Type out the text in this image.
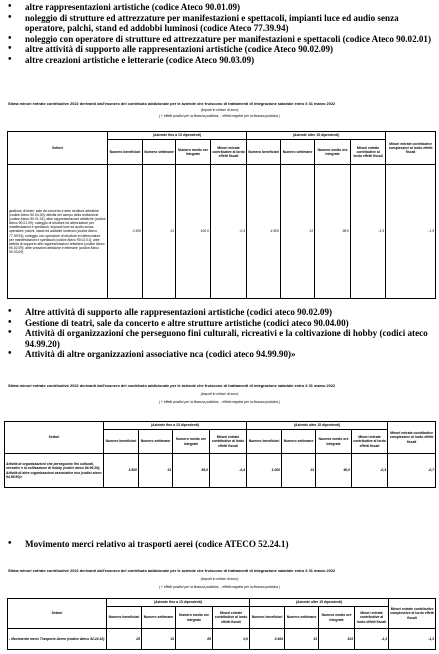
• altre rappresentazioni artistiche (codice Ateco 90.01.09)
• noleggio di strutture ed attrezzature per manifestazioni e spettacoli, impianti luce ed audio senza operatore, palchi, stand ed addobbi luminosi (codice Ateco 77.39.94)
• noleggio con operatore di strutture ed attrezzature per manifestazioni e spettacoli (codice Ateco 90.02.01)
• altre attività di supporto alle rappresentazioni artistiche (codice Ateco 90.02.09)
• altre creazioni artistiche e letterarie (codice Ateco 90.03.09)
Stima minori entrate contributive 2022 derivanti dall'esonero del contributo addizionale per le aziende che fruiscono di trattamenti di integrazione salariale entro il 31 marzo 2022
(importi in milioni di euro)
( + effetti positivi per la finanza pubblica; - effetti negativi per la finanza pubblica )
Settori	(Aziende fino a 15 dipendenti)				(Aziende oltre 15 dipendenti)				Minori entrate contributive complessive al lordo effetti fiscali
	Numero beneficiari	Numero settimane	Numero medio ore integrate	Minori entrate contributive al lordo effetti fiscali	Numero beneficiari	Numero settimane	Numero medio ore integrate	Minori entrate contributive al lordo effetti fiscali	
gestione di teatri, sale da concerto e altre strutture artistiche (codice Ateco 90.04.00); attività nel campo della recitazione (codice Ateco 90.01.01); altre rappresentazioni artistiche (codice Ateco 90.01.09); noleggio di strutture ed attrezzature per manifestazioni e spettacoli, impianti luce ed audio senza operatore, palchi, stand ed addobbi luminosi (codice Ateco 77.39.94); noleggio con operatore di strutture ed attrezzature per manifestazioni e spettacoli (codice Ateco 90.02.01); altre attività di supporto alle rappresentazioni artistiche (codice Ateco 90.02.09); altre creazioni artistiche e letterarie (codice Ateco 90.03.09)	2.500	13	100,0	-0,4	4.500	13	98,0	-1,5	-1,9
• Altre attività di supporto alle rappresentazioni artistiche (codici ateco 90.02.09)
• Gestione di teatri, sale da concerto e altre strutture artistiche (codici ateco 90.04.00)
• Attività di organizzazioni che perseguono fini culturali, ricreativi e la coltivazione di hobby (codici ateco 94.99.20)
• Attività di altre organizzazioni associative nca (codici ateco 94.99.90)»
Stima minori entrate contributive 2022 derivanti dall'esonero del contributo addizionale per le aziende che fruiscono di trattamenti di integrazione salariale entro il 31 marzo 2022
(importi in milioni di euro)
( + effetti positivi per la finanza pubblica; - effetti negativi per la finanza pubblica )
Settori	(Aziende fino a 15 dipendenti)				(Aziende oltre 15 dipendenti)				Minori entrate contributive complessive al lordo effetti fiscali
	Numero beneficiari	Numero settimane	Numero medio ore integrate	Minori entrate contributive al lordo effetti fiscali	Numero beneficiari	Numero settimane	Numero medio ore integrate	Minori entrate contributive al lordo effetti fiscali	
Attività di organizzazioni che perseguono fini culturali, ricreativi e la coltivazione di hobby (codici ateco 94.99.20); Attività di altre organizzazioni associative nca (codici ateco 94.99.90)»	3.500	13	95,0	-0,4	1.000	13	90,0	-0,3	-0,7
• Movimento merci relativo ai trasporti aerei (codice ATECO 52.24.1)
Stima minori entrate contributive 2022 derivanti dall'esonero del contributo addizionale per le aziende che fruiscono di trattamenti di integrazione salariale entro il 31 marzo 2022
(importi in milioni di euro)
( + effetti positivi per la finanza pubblica; - effetti negativi per la finanza pubblica )
Settori	(Aziende fino a 15 dipendenti)				(Aziende oltre 15 dipendenti)				Minori entrate contributive complessive al lordo effetti fiscali
	Numero beneficiari	Numero settimane	Numero medio ore integrate	Minori entrate contributive al lordo effetti fiscali	Numero beneficiari	Numero settimane	Numero medio ore integrate	Minori entrate contributive al lordo effetti fiscali	
- Movimento merci Trasporto Aereo (codice Ateco 52.24.10)	25	13	89	0,0	3.464	13	103	-1,3	-1,3
